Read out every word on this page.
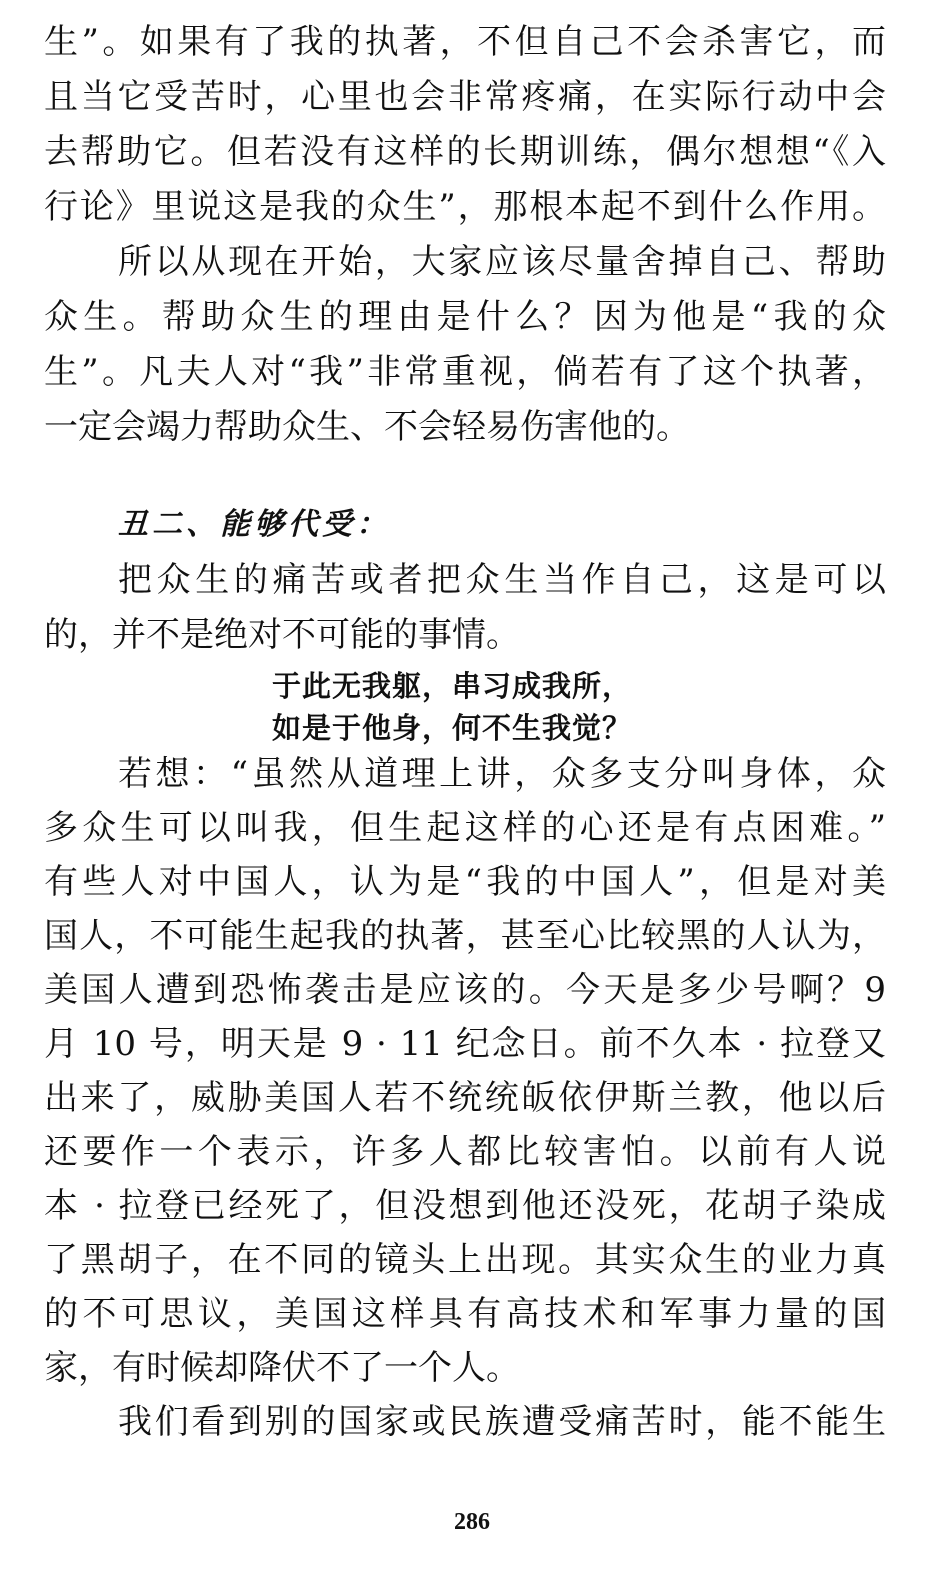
生”。如果有了我的执著，不但自己不会杀害它，而
且当它受苦时，心里也会非常疼痛，在实际行动中会
去帮助它。但若没有这样的长期训练，偶尔想想“《入
行论》里说这是我的众生”，那根本起不到什么作用。
所以从现在开始，大家应该尽量舍掉自己、帮助
众生。帮助众生的理由是什么？因为他是“我的众
生”。凡夫人对“我”非常重视，倘若有了这个执著，
一定会竭力帮助众生、不会轻易伤害他的。
丑二、能够代受：
把众生的痛苦或者把众生当作自己，这是可以
的，并不是绝对不可能的事情。
于此无我躯，串习成我所，
如是于他身，何不生我觉？
若想：“虽然从道理上讲，众多支分叫身体，众
多众生可以叫我，但生起这样的心还是有点困难。”
有些人对中国人，认为是“我的中国人”，但是对美
国人，不可能生起我的执著，甚至心比较黑的人认为，
美国人遭到恐怖袭击是应该的。今天是多少号啊？9
月 10 号，明天是 9 · 11 纪念日。前不久本 · 拉登又
出来了，威胁美国人若不统统皈依伊斯兰教，他以后
还要作一个表示，许多人都比较害怕。以前有人说
本 · 拉登已经死了，但没想到他还没死，花胡子染成
了黑胡子，在不同的镜头上出现。其实众生的业力真
的不可思议，美国这样具有高技术和军事力量的国
家，有时候却降伏不了一个人。
我们看到别的国家或民族遭受痛苦时，能不能生
286
